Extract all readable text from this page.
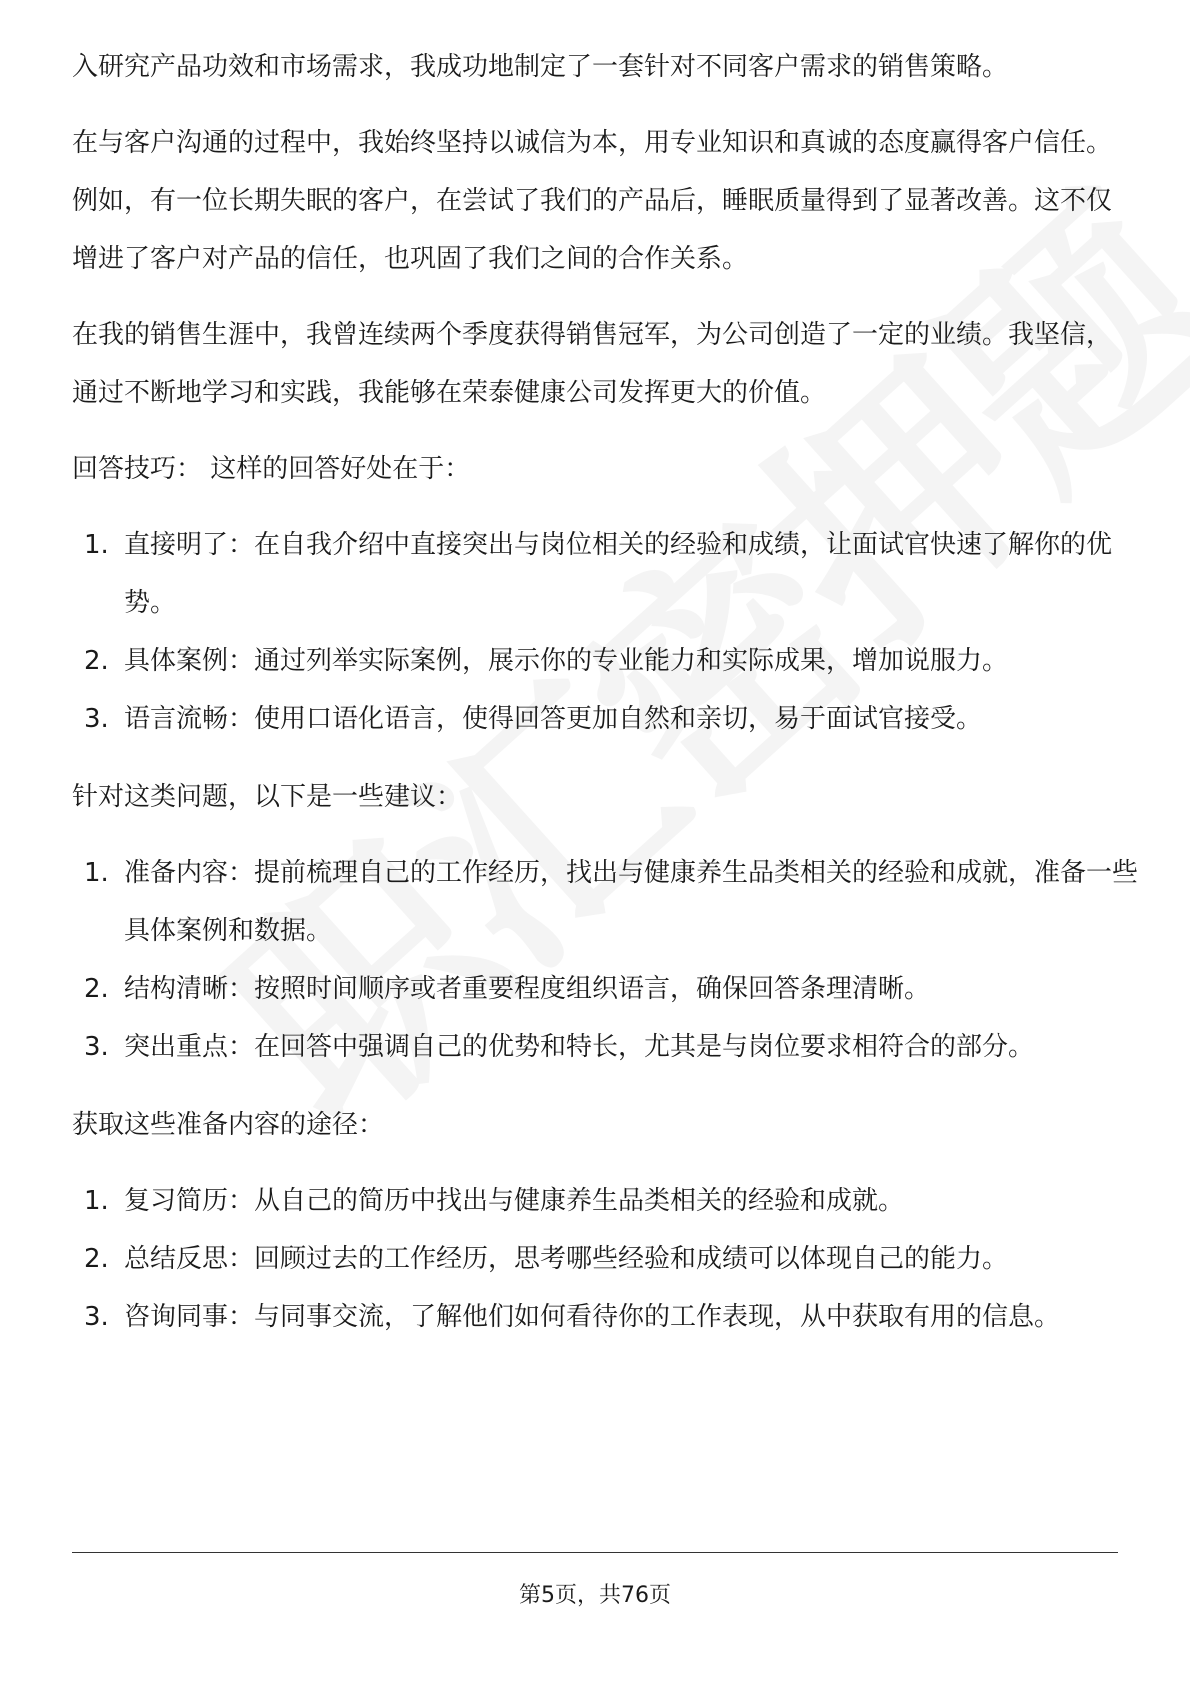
入研究产品功效和市场需求，我成功地制定了一套针对不同客户需求的销售策略。

在与客户沟通的过程中，我始终坚持以诚信为本，用专业知识和真诚的态度赢得客户信任。例如，有一位长期失眠的客户，在尝试了我们的产品后，睡眠质量得到了显著改善。这不仅增进了客户对产品的信任，也巩固了我们之间的合作关系。

在我的销售生涯中，我曾连续两个季度获得销售冠军，为公司创造了一定的业绩。我坚信，通过不断地学习和实践，我能够在荣泰健康公司发挥更大的价值。

回答技巧： 这样的回答好处在于：

1. 直接明了：在自我介绍中直接突出与岗位相关的经验和成绩，让面试官快速了解你的优势。
2. 具体案例：通过列举实际案例，展示你的专业能力和实际成果，增加说服力。
3. 语言流畅：使用口语化语言，使得回答更加自然和亲切，易于面试官接受。

针对这类问题，以下是一些建议：

1. 准备内容：提前梳理自己的工作经历，找出与健康养生品类相关的经验和成就，准备一些具体案例和数据。
2. 结构清晰：按照时间顺序或者重要程度组织语言，确保回答条理清晰。
3. 突出重点：在回答中强调自己的优势和特长，尤其是与岗位要求相符合的部分。

获取这些准备内容的途径：

1. 复习简历：从自己的简历中找出与健康养生品类相关的经验和成就。
2. 总结反思：回顾过去的工作经历，思考哪些经验和成绩可以体现自己的能力。
3. 咨询同事：与同事交流，了解他们如何看待你的工作表现，从中获取有用的信息。
第5页，共76页
